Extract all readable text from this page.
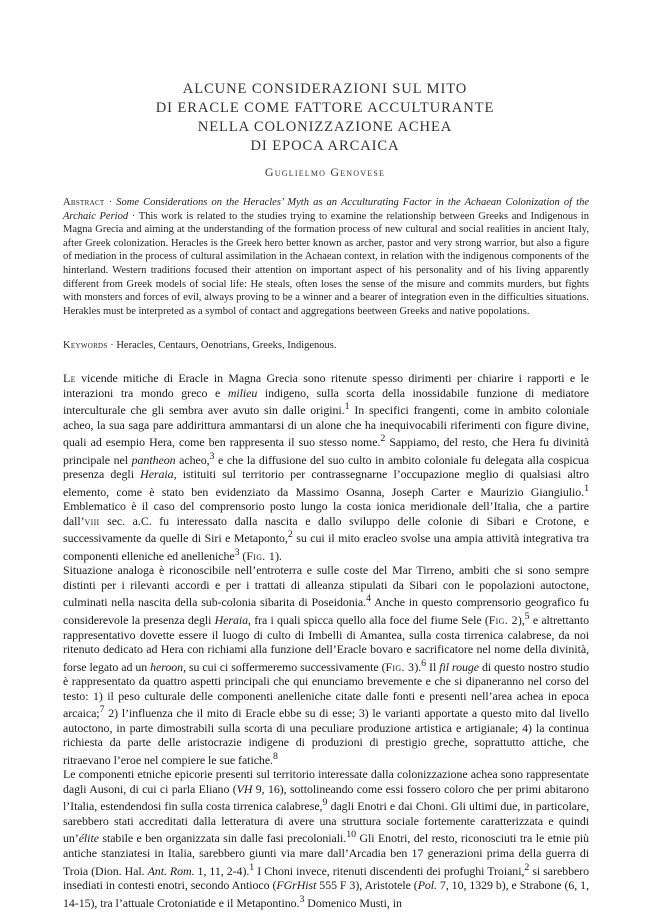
ALCUNE CONSIDERAZIONI SUL MITO
DI ERACLE COME FATTORE ACCULTURANTE
NELLA COLONIZZAZIONE ACHEA
DI EPOCA ARCAICA
Guglielmo Genovese
Abstract · Some Considerations on the Heracles’ Myth as an Acculturating Factor in the Achaean Colonization of the Archaic Period · This work is related to the studies trying to examine the relationship between Greeks and Indigenous in Magna Grecia and aiming at the understanding of the formation process of new cultural and social realities in ancient Italy, after Greek colonization. Heracles is the Greek hero better known as archer, pastor and very strong warrior, but also a figure of mediation in the process of cultural assimilation in the Achaean context, in relation with the indigenous components of the hinterland. Western traditions focused their attention on important aspect of his personality and of his living apparently different from Greek models of social life: He steals, often loses the sense of the misure and commits murders, but fights with monsters and forces of evil, always proving to be a winner and a bearer of integration even in the difficulties situations. Herakles must be interpreted as a symbol of contact and aggregations beetween Greeks and native popolations.
Keywords · Heracles, Centaurs, Oenotrians, Greeks, Indigenous.

Le vicende mitiche di Eracle in Magna Grecia sono ritenute spesso dirimenti per chiarire i rapporti e le interazioni tra mondo greco e milieu indigeno, sulla scorta della inossidabile funzione di mediatore interculturale che gli sembra aver avuto sin dalle origini.$^1$ In specifici frangenti, come in ambito coloniale acheo, la sua saga pare addirittura ammantarsi di un alone che ha inequivocabili riferimenti con figure divine, quali ad esempio Hera, come ben rappresenta il suo stesso nome.$^2$ Sappiamo, del resto, che Hera fu divinità principale nel pantheon acheo,$^3$ e che la diffusione del suo culto in ambito coloniale fu delegata alla cospicua presenza degli Heraia, istituiti sul territorio per contrassegnarne l’occupazione meglio di qualsiasi altro elemento, come è stato ben evidenziato da Massimo Osanna, Joseph Carter e Maurizio Giangiulio.$^1$ Emblematico è il caso del comprensorio posto lungo la costa ionica meridionale dell’Italia, che a partire dall’viii sec. a.C. fu interessato dalla nascita e dallo sviluppo delle colonie di Sibari e Crotone, e successivamente da quelle di Siri e Metaponto,$^2$ su cui il mito eracleo svolse una ampia attività integrativa tra componenti elleniche ed anelleniche$^3$ (Fig. 1).

Situazione analoga è riconoscibile nell’entroterra e sulle coste del Mar Tirreno, ambiti che si sono sempre distinti per i rilevanti accordi e per i trattati di alleanza stipulati da Sibari con le popolazioni autoctone, culminati nella nascita della sub-colonia sibarita di Poseidonia.$^4$ Anche in questo comprensorio geografico fu considerevole la presenza degli Heraia, fra i quali spicca quello alla foce del fiume Sele (Fig. 2),$^5$ e altrettanto rappresentativo dovette essere il luogo di culto di Imbelli di Amantea, sulla costa tirrenica calabrese, da noi ritenuto dedicato ad Hera con richiami alla funzione dell’Eracle bovaro e sacrificatore nel nome della divinità, forse legato ad un heroon, su cui ci soffermeremo successivamente (Fig. 3).$^6$ Il fil rouge di questo nostro studio è rappresentato da quattro aspetti principali che qui enunciamo brevemente e che si dipaneranno nel corso del testo: 1) il peso culturale delle componenti anelleniche citate dalle fonti e presenti nell’area achea in epoca arcaica;$^7$ 2) l’influenza che il mito di Eracle ebbe su di esse; 3) le varianti apportate a questo mito dal livello autoctono, in parte dimostrabili sulla scorta di una peculiare produzione artistica e artigianale; 4) la continua richiesta da parte delle aristocrazie indigene di produzioni di prestigio greche, soprattutto attiche, che ritraevano l’eroe nel compiere le sue fatiche.$^8$

Le componenti etniche epicorie presenti sul territorio interessate dalla colonizzazione achea sono rappresentate dagli Ausoni, di cui ci parla Eliano (VH 9, 16), sottolineando come essi fossero coloro che per primi abitarono l’Italia, estendendosi fin sulla costa tirrenica calabrese,$^9$ dagli Enotri e dai Choni. Gli ultimi due, in particolare, sarebbero stati accreditati dalla letteratura di avere una struttura sociale fortemente caratterizzata e quindi un’élite stabile e ben organizzata sin dalle fasi precoloniali.$^{10}$ Gli Enotri, del resto, riconosciuti tra le etnie più antiche stanziatesi in Italia, sarebbero giunti via mare dall’Arcadia ben 17 generazioni prima della guerra di Troia (Dion. Hal. Ant. Rom. 1, 11, 2-4).$^1$ I Choni invece, ritenuti discendenti dei profughi Troiani,$^2$ si sarebbero insediati in contesti enotri, secondo Antioco (FGrHist 555 F 3), Aristotele (Pol. 7, 10, 1329 b), e Strabone (6, 1, 14-15), tra l’attuale Crotoniatide e il Metapontino.$^3$ Domenico Musti, in
